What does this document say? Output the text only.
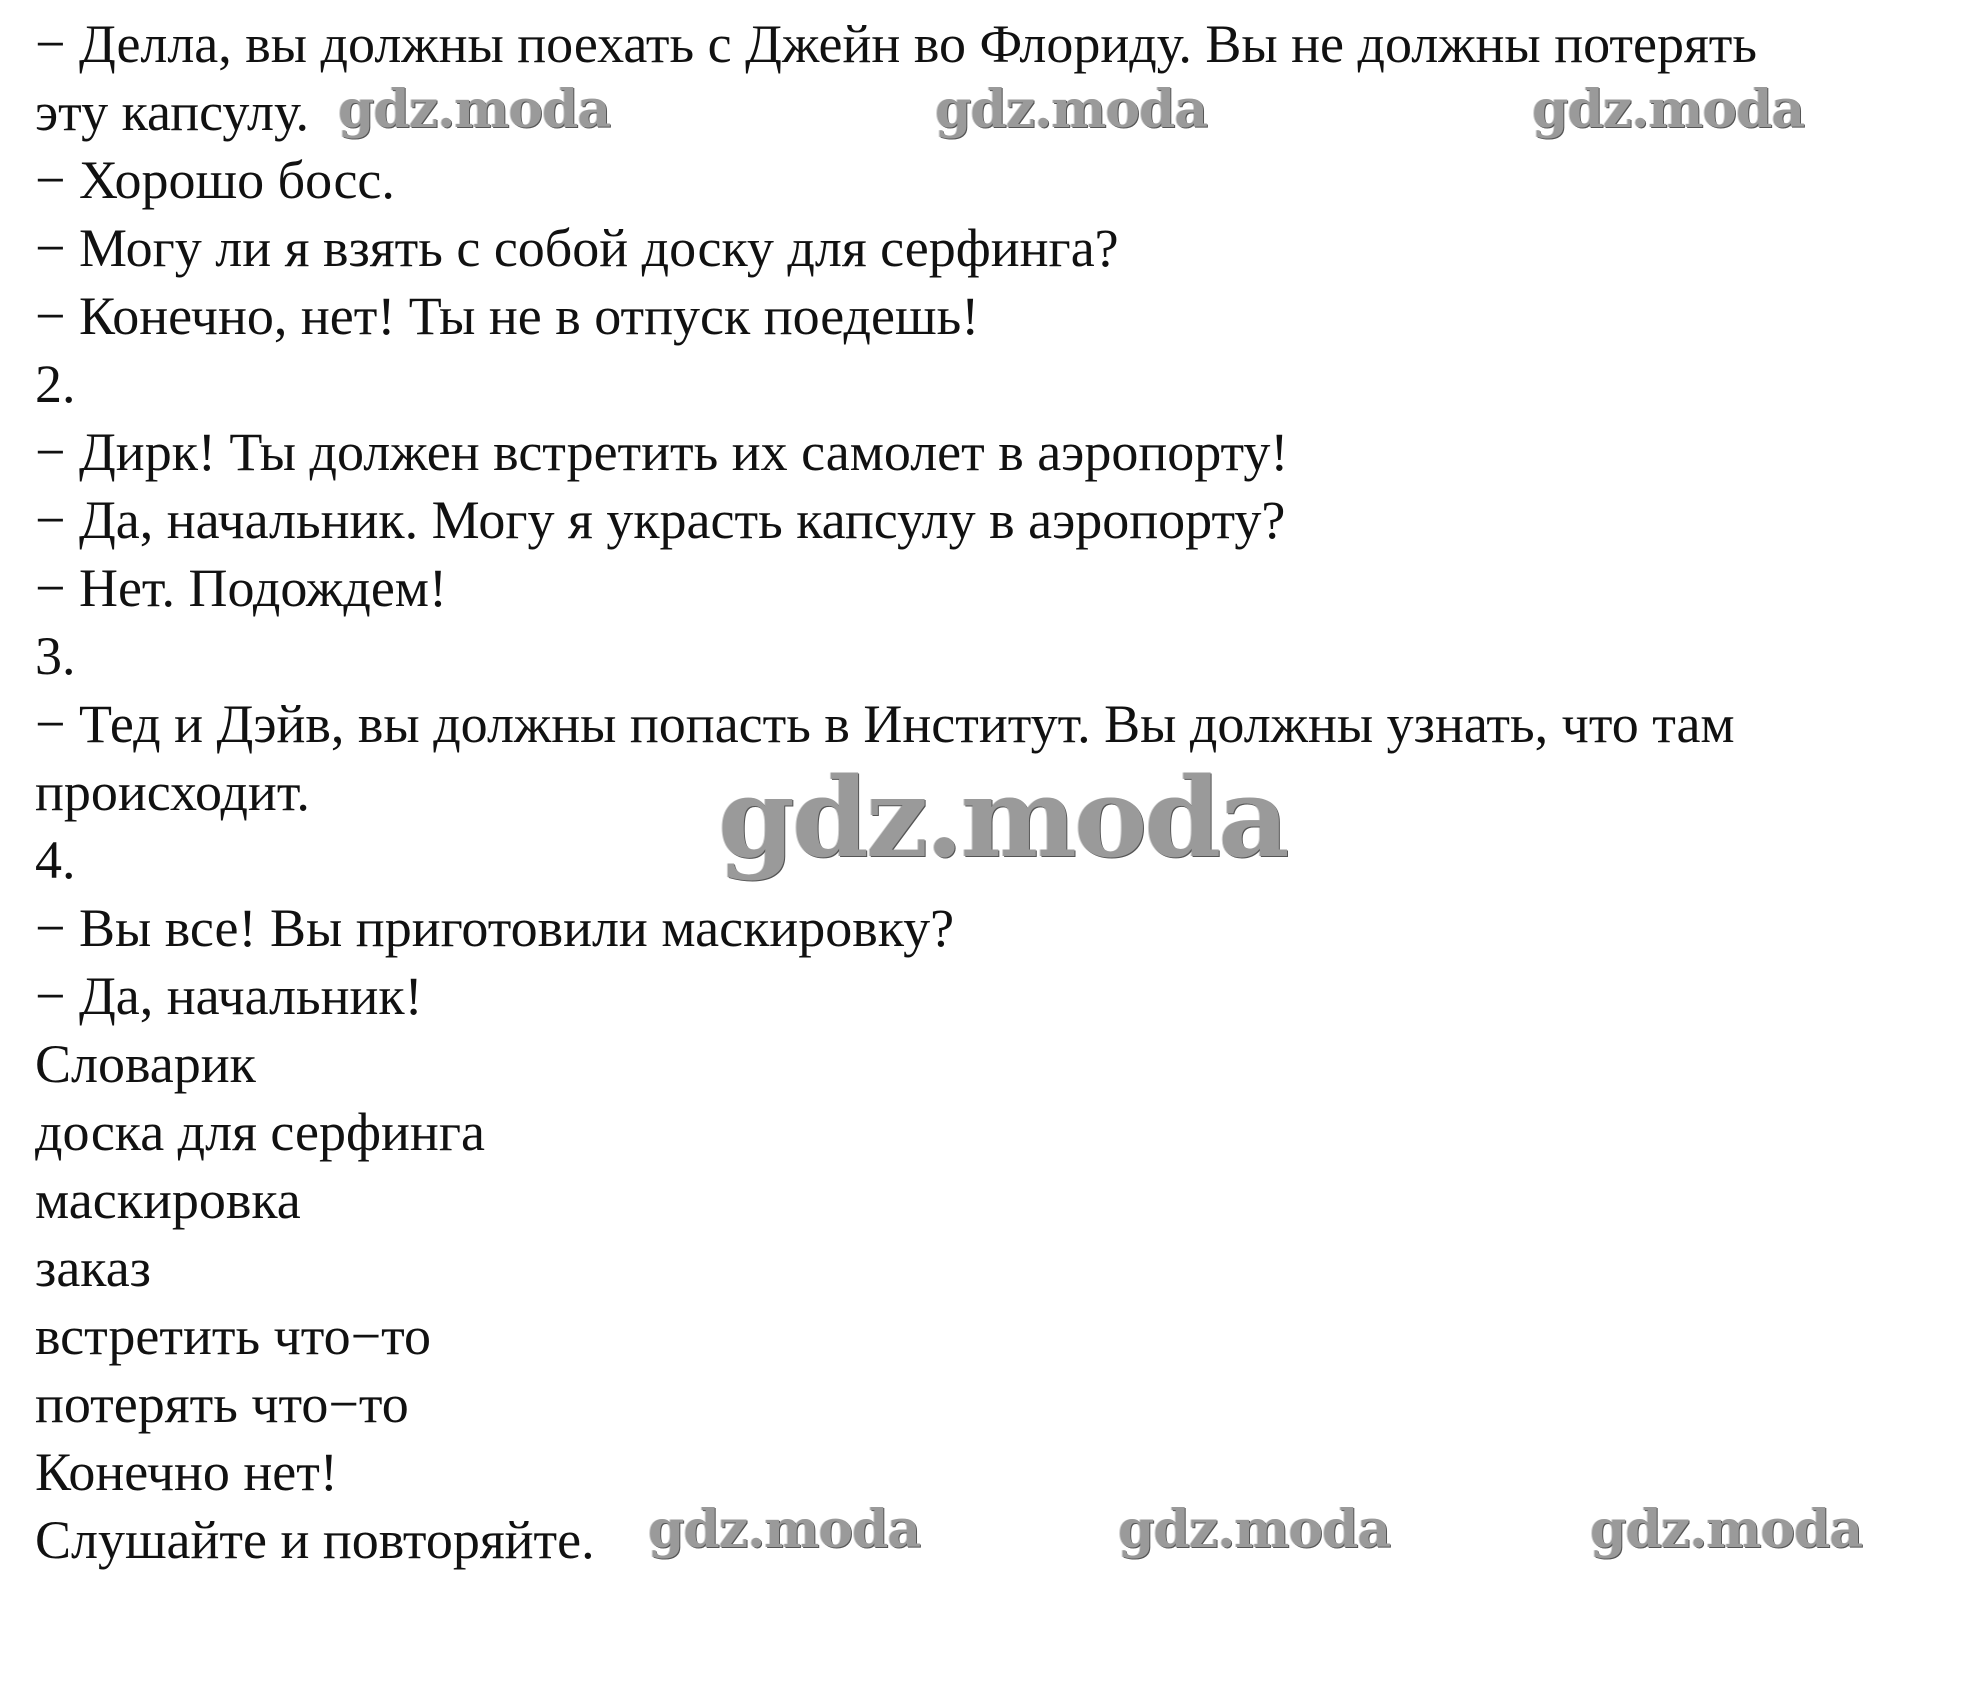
− Делла, вы должны поехать с Джейн во Флориду. Вы не должны потерять
эту капсулу.
− Хорошо босс.
− Могу ли я взять с собой доску для серфинга?
− Конечно, нет! Ты не в отпуск поедешь!
2.
− Дирк! Ты должен встретить их самолет в аэропорту!
− Да, начальник. Могу я украсть капсулу в аэропорту?
− Нет. Подождем!
3.
− Тед и Дэйв, вы должны попасть в Институт. Вы должны узнать, что там
происходит.
4.
− Вы все! Вы приготовили маскировку?
− Да, начальник!
Словарик
доска для серфинга
маскировка
заказ
встретить что−то
потерять что−то
Конечно нет!
Слушайте и повторяйте.
gdz.moda	gdz.moda	gdz.moda
gdz.moda
gdz.moda	gdz.moda	gdz.moda
